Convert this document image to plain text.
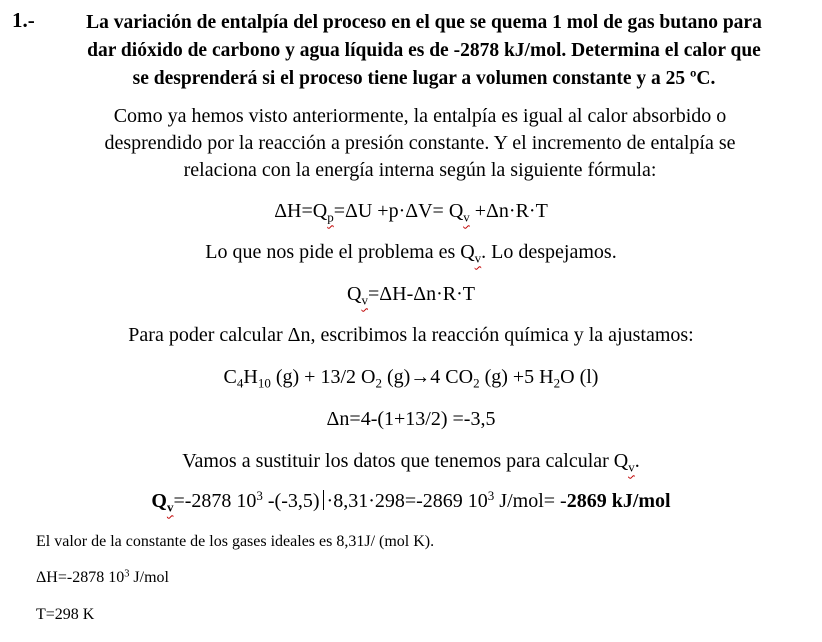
1.-	La variación de entalpía del proceso en el que se quema 1 mol de gas butano para
dar dióxido de carbono y agua líquida es de -2878 kJ/mol. Determina el calor que
se desprenderá si el proceso tiene lugar a volumen constante y a 25 ºC.
Como ya hemos visto anteriormente, la entalpía es igual al calor absorbido o
desprendido por la reacción a presión constante. Y el incremento de entalpía se
relaciona con la energía interna según la siguiente fórmula:
$\Delta H=Q_p=\Delta U +p\cdot\Delta V= Q_v +\Delta n\cdot R\cdot T$
Lo que nos pide el problema es $Q_v$. Lo despejamos.
$Q_v=\Delta H-\Delta n\cdot R\cdot T$
Para poder calcular Δn, escribimos la reacción química y la ajustamos:
$C_4H_{10}$ (g) + 13/2 $O_2$ (g)→4 $CO_2$ (g) +5 $H_2O$ (l)
Δn=4-(1+13/2) =-3,5
Vamos a sustituir los datos que tenemos para calcular $Q_v$.
$Q_v=-2878$ $10^3$ -(-3,5) ·8,31·298=-2869 $10^3$ J/mol= -2869 kJ/mol
El valor de la constante de los gases ideales es 8,31J/ (mol K).
ΔH=-2878 $10^3$ J/mol
T=298 K
